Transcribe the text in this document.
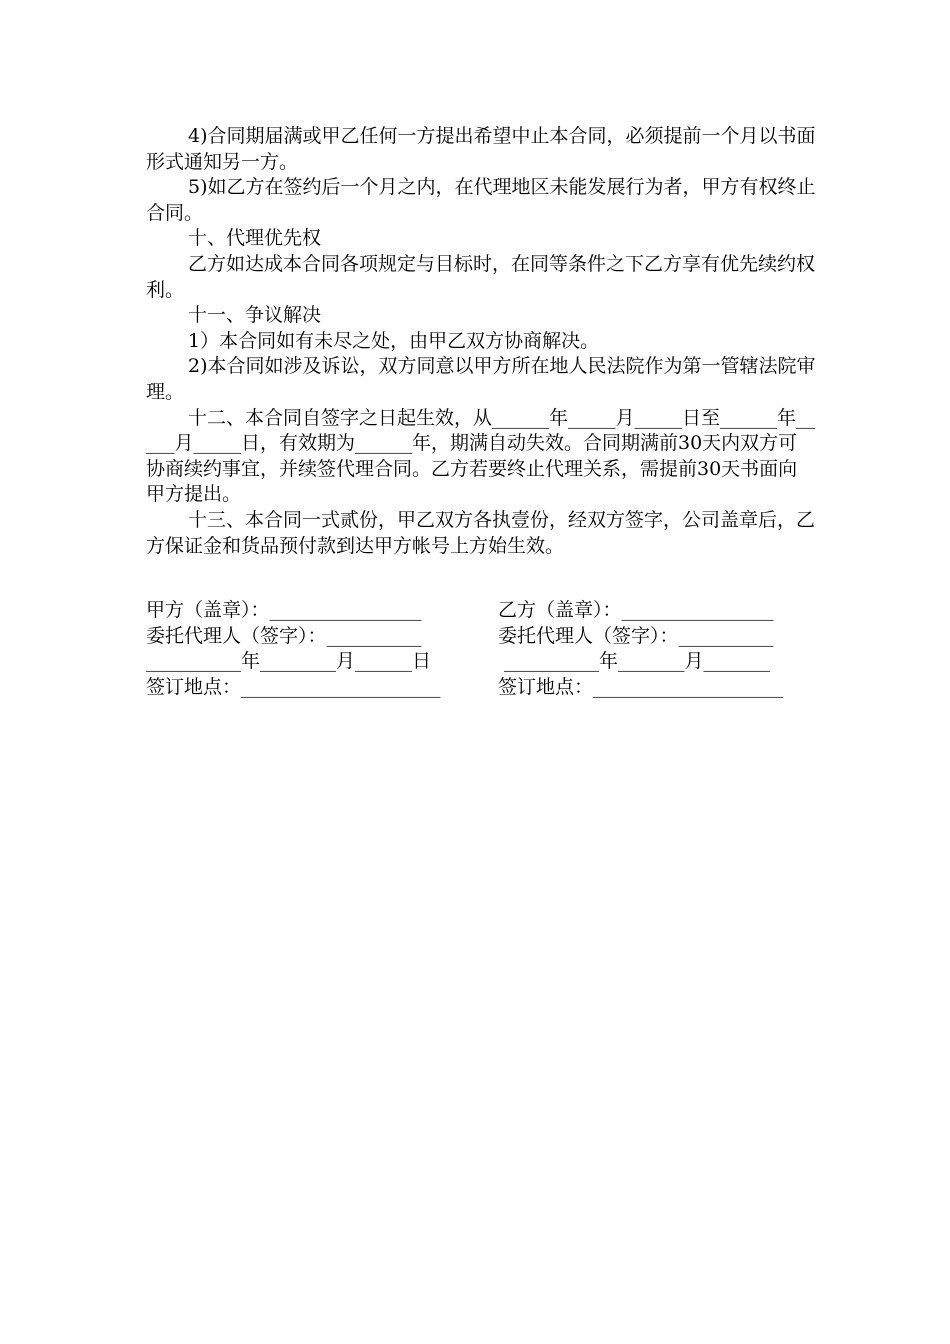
4)合同期届满或甲乙任何一方提出希望中止本合同，必须提前一个月以书面形式通知另一方。

5)如乙方在签约后一个月之内，在代理地区未能发展行为者，甲方有权终止合同。

十、代理优先权

乙方如达成本合同各项规定与目标时，在同等条件之下乙方享有优先续约权利。

十一、争议解决

1）本合同如有未尽之处，由甲乙双方协商解决。

2)本合同如涉及诉讼，双方同意以甲方所在地人民法院作为第一管辖法院审理。

十二、本合同自签字之日起生效，从______年_____月_____日至______年_____月_____日，有效期为______年，期满自动失效。合同期满前30天内双方可协商续约事宜，并续签代理合同。乙方若要终止代理关系，需提前30天书面向甲方提出。

十三、本合同一式贰份，甲乙双方各执壹份，经双方签字，公司盖章后，乙方保证金和货品预付款到达甲方帐号上方始生效。

甲方（盖章）：________________	乙方（盖章）：________________
委托代理人（签字）：__________	委托代理人（签字）：__________
__________年________月______日	__________年_______月_______
签订地点：_____________________	签订地点：____________________
